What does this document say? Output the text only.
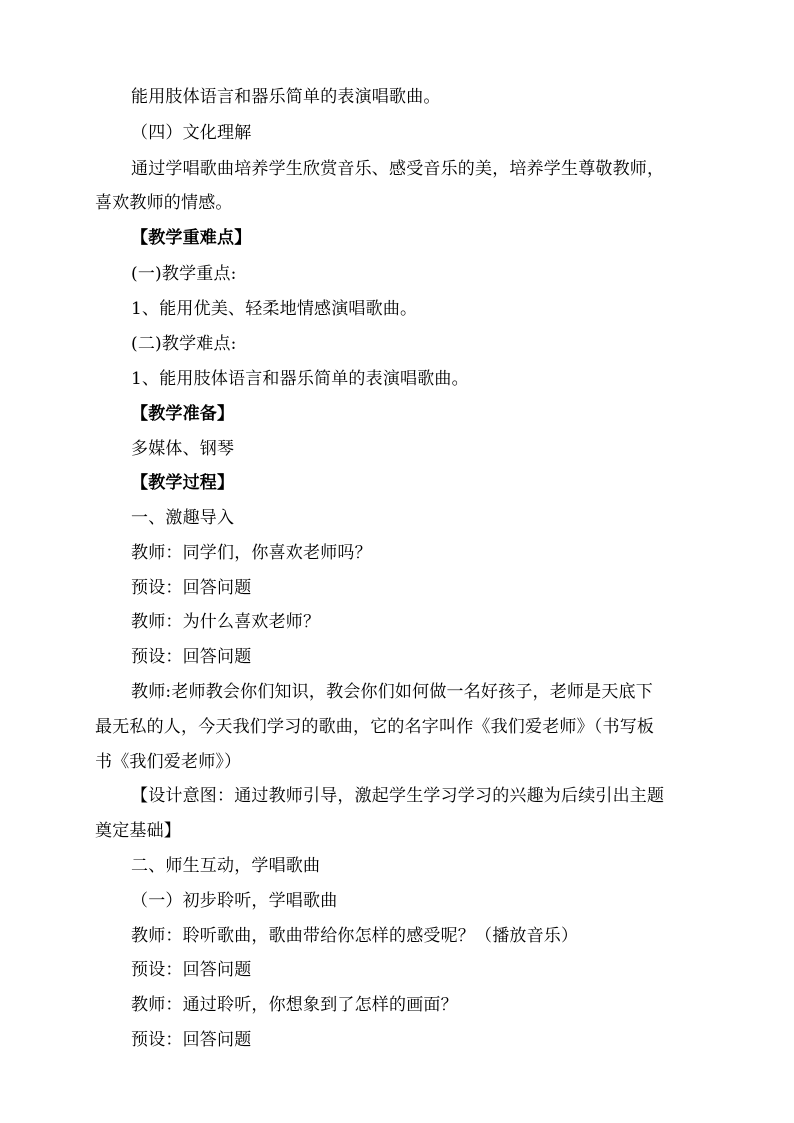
能用肢体语言和器乐简单的表演唱歌曲。
（四）文化理解
通过学唱歌曲培养学生欣赏音乐、感受音乐的美，培养学生尊敬教师，
喜欢教师的情感。
【教学重难点】
(一)教学重点:
1、能用优美、轻柔地情感演唱歌曲。
(二)教学难点:
1、能用肢体语言和器乐简单的表演唱歌曲。
【教学准备】
多媒体、钢琴
【教学过程】
一、激趣导入
教师：同学们，你喜欢老师吗？
预设：回答问题
教师：为什么喜欢老师？
预设：回答问题
教师:老师教会你们知识，教会你们如何做一名好孩子，老师是天底下
最无私的人，今天我们学习的歌曲，它的名字叫作《我们爱老师》（书写板
书《我们爱老师》）
【设计意图：通过教师引导，激起学生学习学习的兴趣为后续引出主题
奠定基础】
二、师生互动，学唱歌曲
（一）初步聆听，学唱歌曲
教师：聆听歌曲，歌曲带给你怎样的感受呢？（播放音乐）
预设：回答问题
教师：通过聆听，你想象到了怎样的画面？
预设：回答问题
